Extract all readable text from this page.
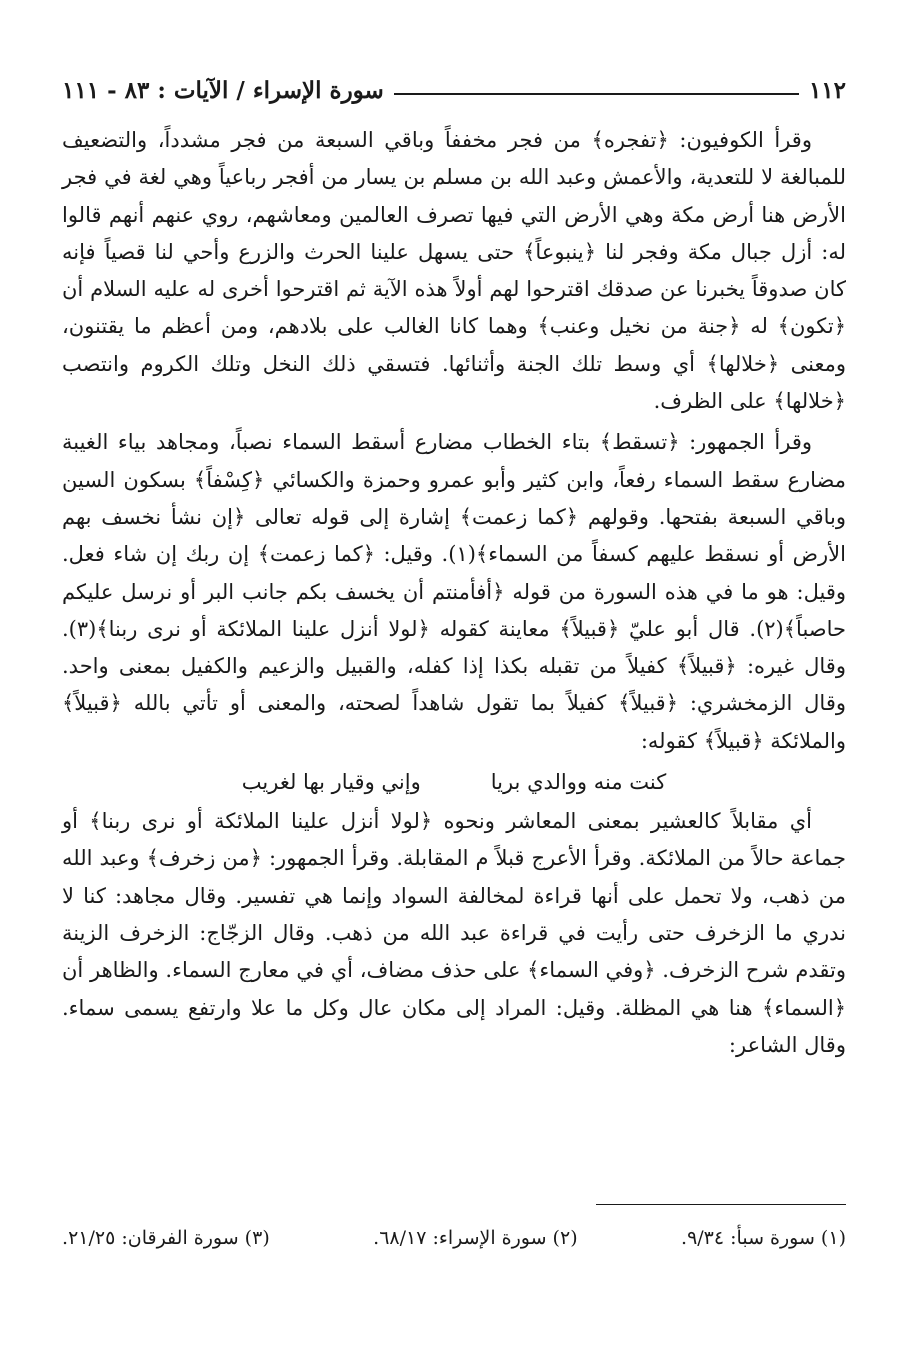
١١٢
سورة الإسراء / الآيات : ٨٣ - ١١١

وقرأ الكوفيون: ﴿تفجره﴾ من فجر مخففاً وباقي السبعة من فجر مشدداً، والتضعيف للمبالغة لا للتعدية، والأعمش وعبد الله بن مسلم بن يسار من أفجر رباعياً وهي لغة في فجر الأرض هنا أرض مكة وهي الأرض التي فيها تصرف العالمين ومعاشهم، روي عنهم أنهم قالوا له: أزل جبال مكة وفجر لنا ﴿ينبوعاً﴾ حتى يسهل علينا الحرث والزرع وأحي لنا قصياً فإنه كان صدوقاً يخبرنا عن صدقك اقترحوا لهم أولاً هذه الآية ثم اقترحوا أخرى له عليه السلام أن ﴿تكون﴾ له ﴿جنة من نخيل وعنب﴾ وهما كانا الغالب على بلادهم، ومن أعظم ما يقتنون، ومعنى ﴿خلالها﴾ أي وسط تلك الجنة وأثنائها. فتسقي ذلك النخل وتلك الكروم وانتصب ﴿خلالها﴾ على الظرف.

وقرأ الجمهور: ﴿تسقط﴾ بتاء الخطاب مضارع أسقط السماء نصباً، ومجاهد بياء الغيبة مضارع سقط السماء رفعاً، وابن كثير وأبو عمرو وحمزة والكسائي ﴿كِسْفاً﴾ بسكون السين وباقي السبعة بفتحها. وقولهم ﴿كما زعمت﴾ إشارة إلى قوله تعالى ﴿إن نشأ نخسف بهم الأرض أو نسقط عليهم كسفاً من السماء﴾(١). وقيل: ﴿كما زعمت﴾ إن ربك إن شاء فعل. وقيل: هو ما في هذه السورة من قوله ﴿أفأمنتم أن يخسف بكم جانب البر أو نرسل عليكم حاصباً﴾(٢). قال أبو عليّ ﴿قبيلاً﴾ معاينة كقوله ﴿لولا أنزل علينا الملائكة أو نرى ربنا﴾(٣). وقال غيره: ﴿قبيلاً﴾ كفيلاً من تقبله بكذا إذا كفله، والقبيل والزعيم والكفيل بمعنى واحد. وقال الزمخشري: ﴿قبيلاً﴾ كفيلاً بما تقول شاهداً لصحته، والمعنى أو تأتي بالله ﴿قبيلاً﴾ والملائكة ﴿قبيلاً﴾ كقوله:

كنت منه ووالدي بريا
وإني وقيار بها لغريب

أي مقابلاً كالعشير بمعنى المعاشر ونحوه ﴿لولا أنزل علينا الملائكة أو نرى ربنا﴾ أو جماعة حالاً من الملائكة. وقرأ الأعرج قبلاً م المقابلة. وقرأ الجمهور: ﴿من زخرف﴾ وعبد الله من ذهب، ولا تحمل على أنها قراءة لمخالفة السواد وإنما هي تفسير. وقال مجاهد: كنا لا ندري ما الزخرف حتى رأيت في قراءة عبد الله من ذهب. وقال الزجّاج: الزخرف الزينة وتقدم شرح الزخرف. ﴿وفي السماء﴾ على حذف مضاف، أي في معارج السماء. والظاهر أن ﴿السماء﴾ هنا هي المظلة. وقيل: المراد إلى مكان عال وكل ما علا وارتفع يسمى سماء. وقال الشاعر:

(١) سورة سبأ: ٩/٣٤.
(٢) سورة الإسراء: ٦٨/١٧.
(٣) سورة الفرقان: ٢١/٢٥.
